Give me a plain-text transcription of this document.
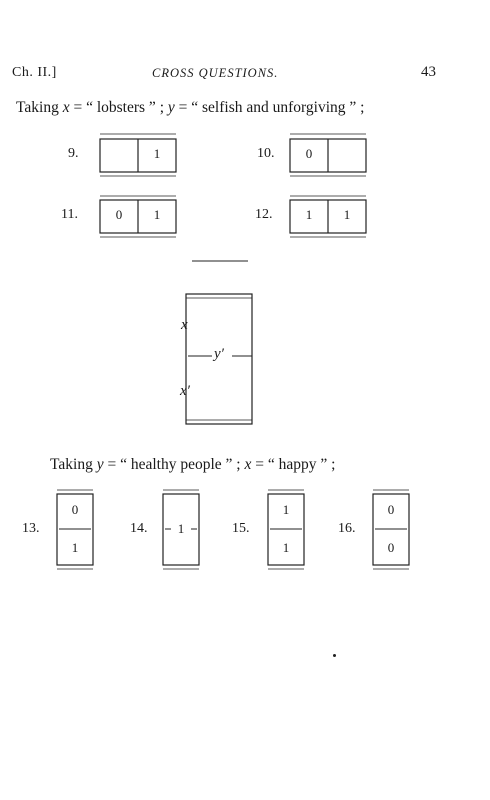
Ch. II.]	CROSS QUESTIONS.	43
Taking x = “ lobsters ” ; y = “ selfish and unforgiving ” ;
9.	1	10.	0
11.	0	1	12.	1	1
x
y′
x′
Taking y = “ healthy people ” ; x = “ happy ” ;
13.
0
1
14.	1	15.
1
1
16.
0
0
